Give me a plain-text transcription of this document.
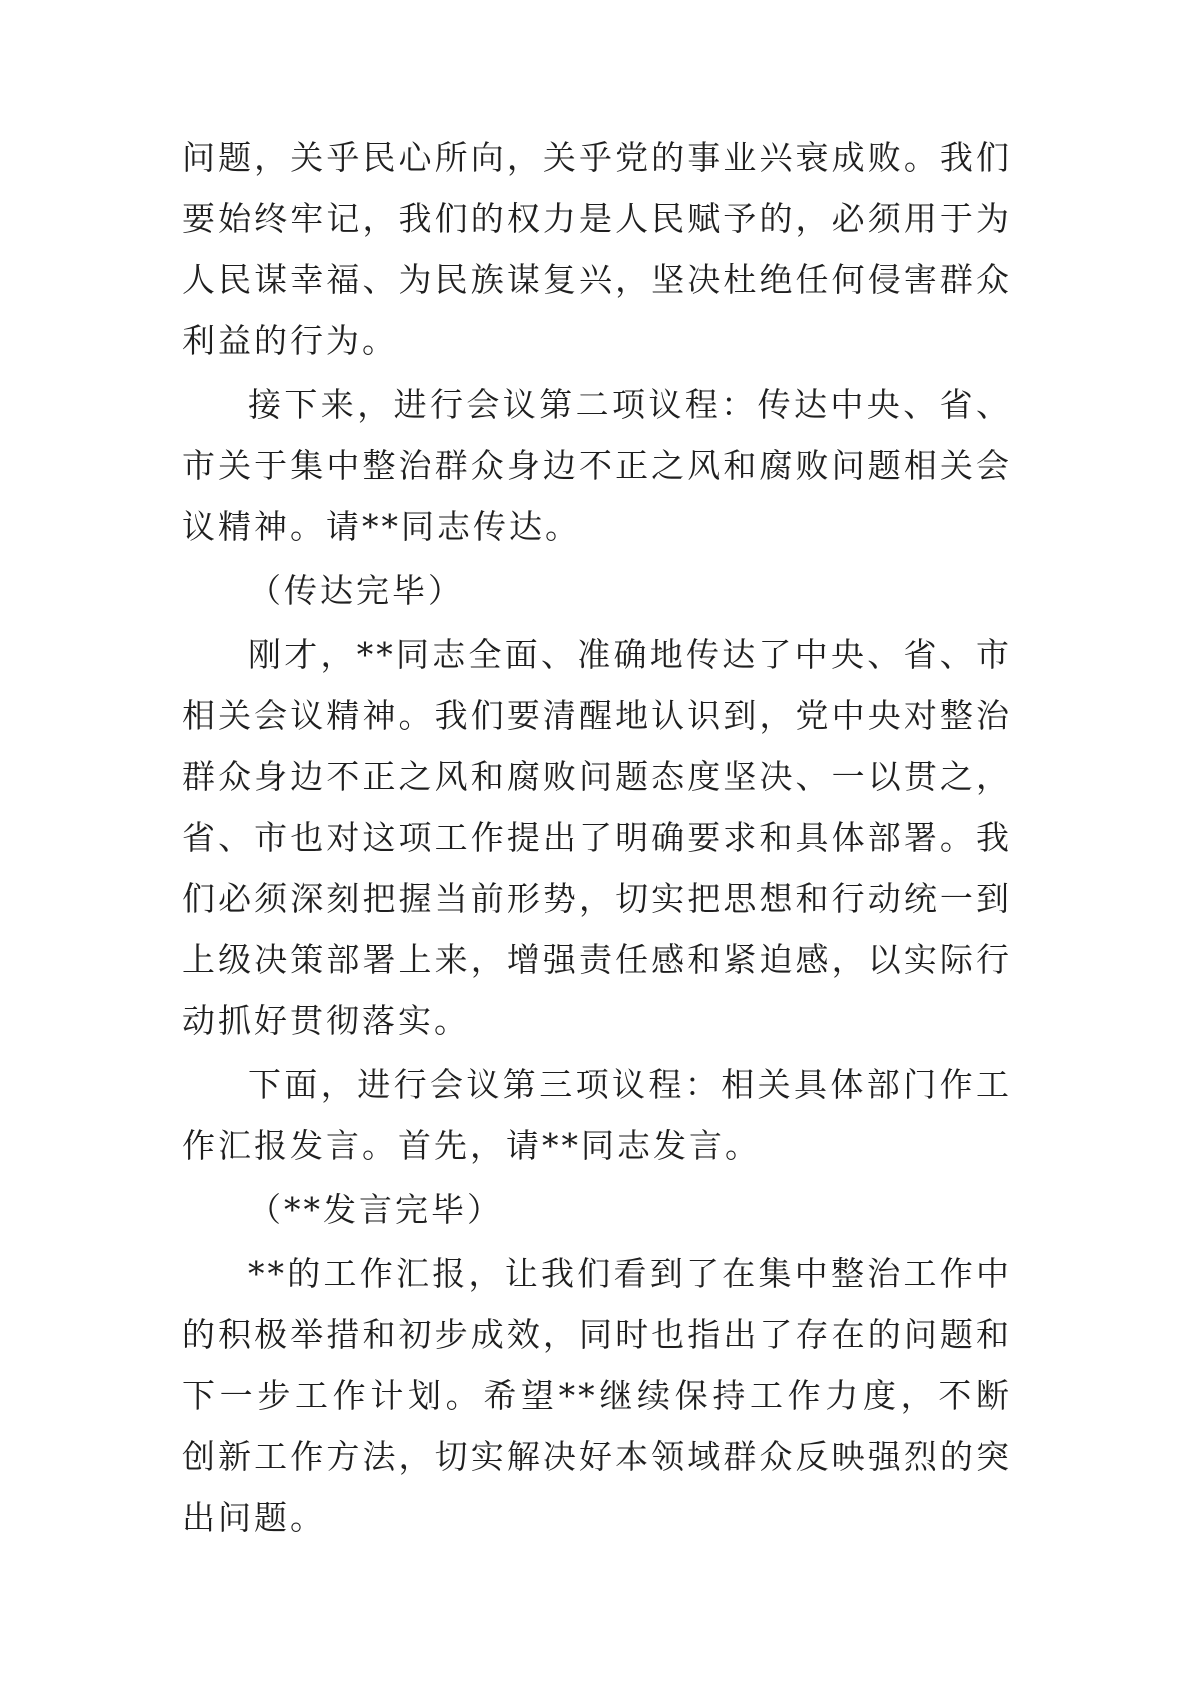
问题，关乎民心所向，关乎党的事业兴衰成败。我们要始终牢记，我们的权力是人民赋予的，必须用于为人民谋幸福、为民族谋复兴，坚决杜绝任何侵害群众利益的行为。

接下来，进行会议第二项议程：传达中央、省、市关于集中整治群众身边不正之风和腐败问题相关会议精神。请**同志传达。

（传达完毕）

刚才，**同志全面、准确地传达了中央、省、市相关会议精神。我们要清醒地认识到，党中央对整治群众身边不正之风和腐败问题态度坚决、一以贯之，省、市也对这项工作提出了明确要求和具体部署。我们必须深刻把握当前形势，切实把思想和行动统一到上级决策部署上来，增强责任感和紧迫感，以实际行动抓好贯彻落实。

下面，进行会议第三项议程：相关具体部门作工作汇报发言。首先，请**同志发言。

（**发言完毕）

**的工作汇报，让我们看到了在集中整治工作中的积极举措和初步成效，同时也指出了存在的问题和下一步工作计划。希望**继续保持工作力度，不断创新工作方法，切实解决好本领域群众反映强烈的突出问题。
